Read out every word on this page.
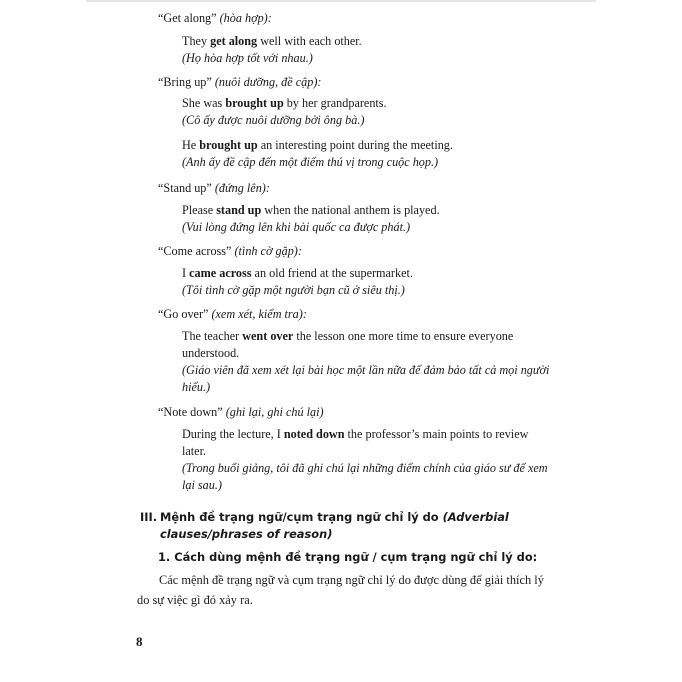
“Get along” (hòa hợp):
They get along well with each other.
(Họ hòa hợp tốt với nhau.)
“Bring up” (nuôi dưỡng, đề cập):
She was brought up by her grandparents.
(Cô ấy được nuôi dưỡng bởi ông bà.)
He brought up an interesting point during the meeting.
(Anh ấy đề cập đến một điểm thú vị trong cuộc họp.)
“Stand up” (đứng lên):
Please stand up when the national anthem is played.
(Vui lòng đứng lên khi bài quốc ca được phát.)
“Come across” (tình cờ gặp):
I came across an old friend at the supermarket.
(Tôi tình cờ gặp một người bạn cũ ở siêu thị.)
“Go over” (xem xét, kiểm tra):
The teacher went over the lesson one more time to ensure everyone understood.
(Giáo viên đã xem xét lại bài học một lần nữa để đảm bảo tất cả mọi người hiểu.)
“Note down” (ghi lại, ghi chú lại)
During the lecture, I noted down the professor’s main points to review later.
(Trong buổi giảng, tôi đã ghi chú lại những điểm chính của giáo sư để xem lại sau.)
III. Mệnh đề trạng ngữ/cụm trạng ngữ chỉ lý do (Adverbial clauses/phrases of reason)
1. Cách dùng mệnh đề trạng ngữ / cụm trạng ngữ chỉ lý do:
Các mệnh đề trạng ngữ và cụm trạng ngữ chỉ lý do được dùng để giải thích lý do sự việc gì đó xảy ra.
8
